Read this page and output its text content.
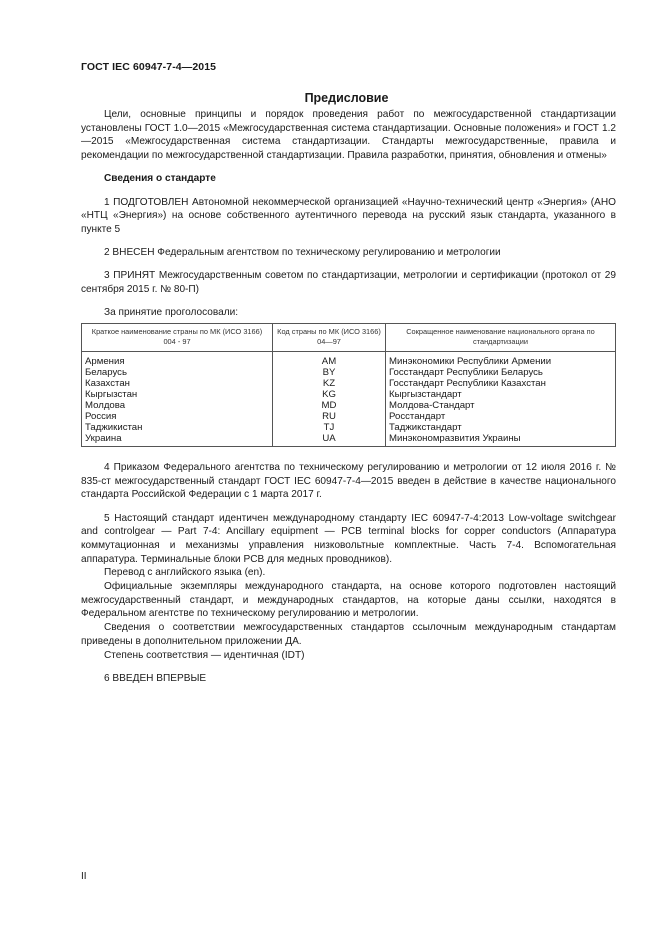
ГОСТ IEC 60947-7-4—2015
Предисловие

Цели, основные принципы и порядок проведения работ по межгосударственной стандартизации установлены ГОСТ 1.0—2015 «Межгосударственная система стандартизации. Основные положения» и ГОСТ 1.2—2015 «Межгосударственная система стандартизации. Стандарты межгосударственные, правила и рекомендации по межгосударственной стандартизации. Правила разработки, принятия, обновления и отмены»

Сведения о стандарте

1 ПОДГОТОВЛЕН Автономной некоммерческой организацией «Научно-технический центр «Энергия» (АНО «НТЦ «Энергия») на основе собственного аутентичного перевода на русский язык стандарта, указанного в пункте 5

2 ВНЕСЕН Федеральным агентством по техническому регулированию и метрологии

3 ПРИНЯТ Межгосударственным советом по стандартизации, метрологии и сертификации (протокол от 29 сентября 2015 г. № 80-П)

За принятие проголосовали:

Краткое наименование страны по МК (ИСО 3166) 004 - 97	Код страны по МК (ИСО 3166) 04—97	Сокращенное наименование национального органа по стандартизации
Армения	AM	Минэкономики Республики Армении
Беларусь	BY	Госстандарт Республики Беларусь
Казахстан	KZ	Госстандарт Республики Казахстан
Кыргызстан	KG	Кыргызстандарт
Молдова	MD	Молдова-Стандарт
Россия	RU	Росстандарт
Таджикистан	TJ	Таджикстандарт
Украина	UA	Минэкономразвития Украины

4 Приказом Федерального агентства по техническому регулированию и метрологии от 12 июля 2016 г. № 835-ст межгосударственный стандарт ГОСТ IEC 60947-7-4—2015 введен в действие в качестве национального стандарта Российской Федерации с 1 марта 2017 г.

5 Настоящий стандарт идентичен международному стандарту IEC 60947-7-4:2013 Low-voltage switchgear and controlgear — Part 7-4: Ancillary equipment — PCB terminal blocks for copper conductors (Аппаратура коммутационная и механизмы управления низковольтные комплектные. Часть 7-4. Вспомогательная аппаратура. Терминальные блоки PCB для медных проводников).

Перевод с английского языка (en).

Официальные экземпляры международного стандарта, на основе которого подготовлен настоящий межгосударственный стандарт, и международных стандартов, на которые даны ссылки, находятся в Федеральном агентстве по техническому регулированию и метрологии.

Сведения о соответствии межгосударственных стандартов ссылочным международным стандартам приведены в дополнительном приложении ДА.

Степень соответствия — идентичная (IDT)

6 ВВЕДЕН ВПЕРВЫЕ

II
